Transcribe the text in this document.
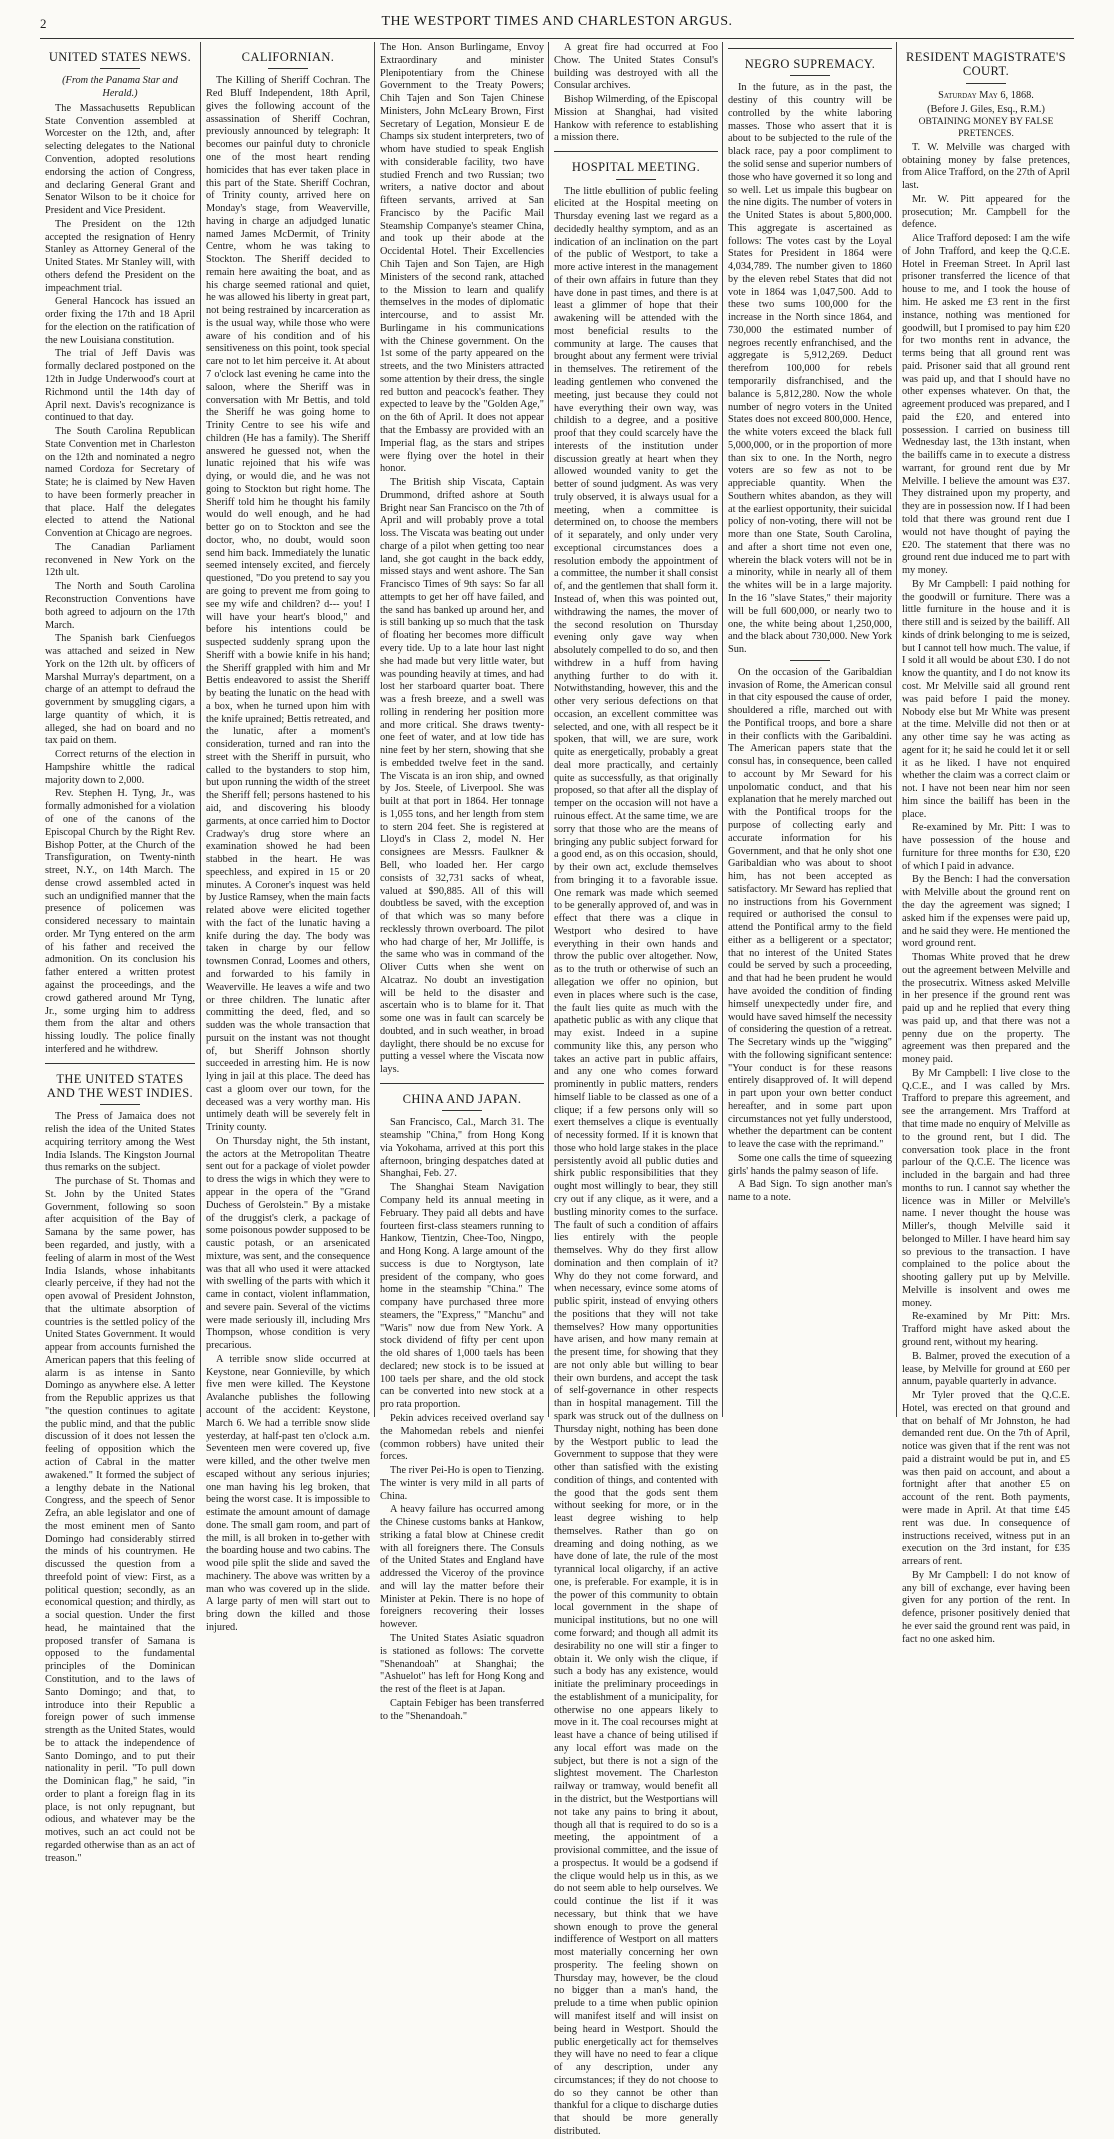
2	THE WESTPORT TIMES AND CHARLESTON ARGUS.
UNITED STATES NEWS.

(From the Panama Star and Herald.)

The Massachusetts Republican State Convention assembled at Worcester on the 12th, and, after selecting delegates to the National Convention, adopted resolutions endorsing the action of Congress, and declaring General Grant and Senator Wilson to be it choice for President and Vice President.

The President on the 12th accepted the resignation of Henry Stanley as Attorney General of the United States. Mr Stanley will, with others defend the President on the impeachment trial.

General Hancock has issued an order fixing the 17th and 18 April for the election on the ratification of the new Louisiana constitution.

The trial of Jeff Davis was formally declared postponed on the 12th in Judge Underwood's court at Richmond until the 14th day of April next. Davis's recognizance is continued to that day.

The South Carolina Republican State Convention met in Charleston on the 12th and nominated a negro named Cordoza for Secretary of State; he is claimed by New Haven to have been formerly preacher in that place. Half the delegates elected to attend the National Convention at Chicago are negroes.

The Canadian Parliament reconvened in New York on the 12th ult.

The North and South Carolina Reconstruction Conventions have both agreed to adjourn on the 17th March.

The Spanish bark Cienfuegos was attached and seized in New York on the 12th ult. by officers of Marshal Murray's department, on a charge of an attempt to defraud the government by smuggling cigars, a large quantity of which, it is alleged, she had on board and no tax paid on them.

Correct returns of the election in Hampshire whittle the radical majority down to 2,000.

Rev. Stephen H. Tyng, Jr., was formally admonished for a violation of one of the canons of the Episcopal Church by the Right Rev. Bishop Potter, at the Church of the Transfiguration, on Twenty-ninth street, N.Y., on 14th March. The dense crowd assembled acted in such an undignified manner that the presence of policemen was considered necessary to maintain order. Mr Tyng entered on the arm of his father and received the admonition. On its conclusion his father entered a written protest against the proceedings, and the crowd gathered around Mr Tyng, Jr., some urging him to address them from the altar and others hissing loudly. The police finally interfered and he withdrew.

THE UNITED STATES AND THE WEST INDIES.

The Press of Jamaica does not relish the idea of the United States acquiring territory among the West India Islands. The Kingston Journal thus remarks on the subject.

The purchase of St. Thomas and St. John by the United States Government, following so soon after acquisition of the Bay of Samana by the same power, has been regarded, and justly, with a feeling of alarm in most of the West India Islands, whose inhabitants clearly perceive, if they had not the open avowal of President Johnston, that the ultimate absorption of countries is the settled policy of the United States Government. It would appear from accounts furnished the American papers that this feeling of alarm is as intense in Santo Domingo as anywhere else. A letter from the Republic apprizes us that "the question continues to agitate the public mind, and that the public discussion of it does not lessen the feeling of opposition which the action of Cabral in the matter awakened." It formed the subject of a lengthy debate in the National Congress, and the speech of Senor Zefra, an able legislator and one of the most eminent men of Santo Domingo had considerably stirred the minds of his countrymen. He discussed the question from a threefold point of view: First, as a political question; secondly, as an economical question; and thirdly, as a social question. Under the first head, he maintained that the proposed transfer of Samana is opposed to the fundamental principles of the Dominican Constitution, and to the laws of Santo Domingo; and that, to introduce into their Republic a foreign power of such immense strength as the United States, would be to attack the independence of Santo Domingo, and to put their nationality in peril. "To pull down the Dominican flag," he said, "in order to plant a foreign flag in its place, is not only repugnant, but odious, and whatever may be the motives, such an act could not be regarded otherwise than as an act of treason."

CALIFORNIAN.

The Killing of Sheriff Cochran. The Red Bluff Independent, 18th April, gives the following account of the assassination of Sheriff Cochran, previously announced by telegraph: It becomes our painful duty to chronicle one of the most heart rending homicides that has ever taken place in this part of the State. Sheriff Cochran, of Trinity county, arrived here on Monday's stage, from Weaverville, having in charge an adjudged lunatic named James McDermit, of Trinity Centre, whom he was taking to Stockton. The Sheriff decided to remain here awaiting the boat, and as his charge seemed rational and quiet, he was allowed his liberty in great part, not being restrained by incarceration as is the usual way, while those who were aware of his condition and of his sensitiveness on this point, took special care not to let him perceive it. At about 7 o'clock last evening he came into the saloon, where the Sheriff was in conversation with Mr Bettis, and told the Sheriff he was going home to Trinity Centre to see his wife and children (He has a family). The Sheriff answered he guessed not, when the lunatic rejoined that his wife was dying, or would die, and he was not going to Stockton but right home. The Sheriff told him he thought his family would do well enough, and he had better go on to Stockton and see the doctor, who, no doubt, would soon send him back. Immediately the lunatic seemed intensely excited, and fiercely questioned, "Do you pretend to say you are going to prevent me from going to see my wife and children? d--- you! I will have your heart's blood," and before his intentions could be suspected suddenly sprang upon the Sheriff with a bowie knife in his hand; the Sheriff grappled with him and Mr Bettis endeavored to assist the Sheriff by beating the lunatic on the head with a box, when he turned upon him with the knife uprained; Bettis retreated, and the lunatic, after a moment's consideration, turned and ran into the street with the Sheriff in pursuit, who called to the bystanders to stop him, but upon running the width of the street the Sheriff fell; persons hastened to his aid, and discovering his bloody garments, at once carried him to Doctor Cradway's drug store where an examination showed he had been stabbed in the heart. He was speechless, and expired in 15 or 20 minutes. A Coroner's inquest was held by Justice Ramsey, when the main facts related above were elicited together with the fact of the lunatic having a knife during the day. The body was taken in charge by our fellow townsmen Conrad, Loomes and others, and forwarded to his family in Weaverville. He leaves a wife and two or three children. The lunatic after committing the deed, fled, and so sudden was the whole transaction that pursuit on the instant was not thought of, but Sheriff Johnson shortly succeeded in arresting him. He is now lying in jail at this place. The deed has cast a gloom over our town, for the deceased was a very worthy man. His untimely death will be severely felt in Trinity county.

On Thursday night, the 5th instant, the actors at the Metropolitan Theatre sent out for a package of violet powder to dress the wigs in which they were to appear in the opera of the "Grand Duchess of Gerolstein." By a mistake of the druggist's clerk, a package of some poisonous powder supposed to be caustic potash, or an arsenicated mixture, was sent, and the consequence was that all who used it were attacked with swelling of the parts with which it came in contact, violent inflammation, and severe pain. Several of the victims were made seriously ill, including Mrs Thompson, whose condition is very precarious.

A terrible snow slide occurred at Keystone, near Gonnieville, by which five men were killed. The Keystone Avalanche publishes the following account of the accident: Keystone, March 6. We had a terrible snow slide yesterday, at half-past ten o'clock a.m. Seventeen men were covered up, five were killed, and the other twelve men escaped without any serious injuries; one man having his leg broken, that being the worst case. It is impossible to estimate the amount amount of damage done. The small gam room, and part of the mill, is all broken in to-gether with the boarding house and two cabins. The wood pile split the slide and saved the machinery. The above was written by a man who was covered up in the slide. A large party of men will start out to bring down the killed and those injured.

The Hon. Anson Burlingame, Envoy Extraordinary and minister Plenipotentiary from the Chinese Government to the Treaty Powers; Chih Tajen and Son Tajen Chinese Ministers, John McLeary Brown, First Secretary of Legation, Monsieur E de Champs six student interpreters, two of whom have studied to speak English with considerable facility, two have studied French and two Russian; two writers, a native doctor and about fifteen servants, arrived at San Francisco by the Pacific Mail Steamship Companye's steamer China, and took up their abode at the Occidental Hotel. Their Excellencies Chih Tajen and Son Tajen, are High Ministers of the second rank, attached to the Mission to learn and qualify themselves in the modes of diplomatic intercourse, and to assist Mr. Burlingame in his communications with the Chinese government. On the 1st some of the party appeared on the streets, and the two Ministers attracted some attention by their dress, the single red button and peacock's feather. They expected to leave by the "Golden Age," on the 6th of April. It does not appear that the Embassy are provided with an Imperial flag, as the stars and stripes were flying over the hotel in their honor.

The British ship Viscata, Captain Drummond, drifted ashore at South Bright near San Francisco on the 7th of April and will probably prove a total loss. The Viscata was beating out under charge of a pilot when getting too near land, she got caught in the back eddy, missed stays and went ashore. The San Francisco Times of 9th says: So far all attempts to get her off have failed, and the sand has banked up around her, and is still banking up so much that the task of floating her becomes more difficult every tide. Up to a late hour last night she had made but very little water, but was pounding heavily at times, and had lost her starboard quarter boat. There was a fresh breeze, and a swell was rolling in rendering her position more and more critical. She draws twenty-one feet of water, and at low tide has nine feet by her stern, showing that she is embedded twelve feet in the sand. The Viscata is an iron ship, and owned by Jos. Steele, of Liverpool. She was built at that port in 1864. Her tonnage is 1,055 tons, and her length from stem to stern 204 feet. She is registered at Lloyd's in Class 2, model N. Her consignees are Messrs. Faulkner & Bell, who loaded her. Her cargo consists of 32,731 sacks of wheat, valued at $90,885. All of this will doubtless be saved, with the exception of that which was so many before recklessly thrown overboard. The pilot who had charge of her, Mr Jolliffe, is the same who was in command of the Oliver Cutts when she went on Alcatraz. No doubt an investigation will be held to the disaster and ascertain who is to blame for it. That some one was in fault can scarcely be doubted, and in such weather, in broad daylight, there should be no excuse for putting a vessel where the Viscata now lays.

CHINA AND JAPAN.

San Francisco, Cal., March 31. The steamship "China," from Hong Kong via Yokohama, arrived at this port this afternoon, bringing despatches dated at Shanghai, Feb. 27.

The Shanghai Steam Navigation Company held its annual meeting in February. They paid all debts and have fourteen first-class steamers running to Hankow, Tientzin, Chee-Too, Ningpo, and Hong Kong. A large amount of the success is due to Norgtyson, late president of the company, who goes home in the steamship "China." The company have purchased three more steamers, the "Express," "Manchu" and "Waris" now due from New York. A stock dividend of fifty per cent upon the old shares of 1,000 taels has been declared; new stock is to be issued at 100 taels per share, and the old stock can be converted into new stock at a pro rata proportion.

Pekin advices received overland say the Mahomedan rebels and nienfei (common robbers) have united their forces.

The river Pei-Ho is open to Tienzing. The winter is very mild in all parts of China.

A heavy failure has occurred among the Chinese customs banks at Hankow, striking a fatal blow at Chinese credit with all foreigners there. The Consuls of the United States and England have addressed the Viceroy of the province and will lay the matter before their Minister at Pekin. There is no hope of foreigners recovering their losses however.

The United States Asiatic squadron is stationed as follows: The corvette "Shenandoah" at Shanghai; the "Ashuelot" has left for Hong Kong and the rest of the fleet is at Japan.

Captain Febiger has been transferred to the "Shenandoah."

A great fire had occurred at Foo Chow. The United States Consul's building was destroyed with all the Consular archives.

Bishop Wilmerding, of the Episcopal Mission at Shanghai, had visited Hankow with reference to establishing a mission there.

HOSPITAL MEETING.

The little ebullition of public feeling elicited at the Hospital meeting on Thursday evening last we regard as a decidedly healthy symptom, and as an indication of an inclination on the part of the public of Westport, to take a more active interest in the management of their own affairs in future than they have done in past times, and there is at least a glimmer of hope that their awakening will be attended with the most beneficial results to the community at large. The causes that brought about any ferment were trivial in themselves. The retirement of the leading gentlemen who convened the meeting, just because they could not have everything their own way, was childish to a degree, and a positive proof that they could scarcely have the interests of the institution under discussion greatly at heart when they allowed wounded vanity to get the better of sound judgment. As was very truly observed, it is always usual for a meeting, when a committee is determined on, to choose the members of it separately, and only under very exceptional circumstances does a resolution embody the appointment of a committee, the number it shall consist of, and the gentlemen that shall form it. Instead of, when this was pointed out, withdrawing the names, the mover of the second resolution on Thursday evening only gave way when absolutely compelled to do so, and then withdrew in a huff from having anything further to do with it. Notwithstanding, however, this and the other very serious defections on that occasion, an excellent committee was selected, and one, with all respect be it spoken, that will, we are sure, work quite as energetically, probably a great deal more practically, and certainly quite as successfully, as that originally proposed, so that after all the display of temper on the occasion will not have a ruinous effect. At the same time, we are sorry that those who are the means of bringing any public subject forward for a good end, as on this occasion, should, by their own act, exclude themselves from bringing it to a favorable issue. One remark was made which seemed to be generally approved of, and was in effect that there was a clique in Westport who desired to have everything in their own hands and throw the public over altogether. Now, as to the truth or otherwise of such an allegation we offer no opinion, but even in places where such is the case, the fault lies quite as much with the apathetic public as with any clique that may exist. Indeed in a supine community like this, any person who takes an active part in public affairs, and any one who comes forward prominently in public matters, renders himself liable to be classed as one of a clique; if a few persons only will so exert themselves a clique is eventually of necessity formed. If it is known that those who hold large stakes in the place persistently avoid all public duties and shirk public responsibilities that they ought most willingly to bear, they still cry out if any clique, as it were, and a bustling minority comes to the surface. The fault of such a condition of affairs lies entirely with the people themselves. Why do they first allow domination and then complain of it? Why do they not come forward, and when necessary, evince some atoms of public spirit, instead of envying others the positions that they will not take themselves? How many opportunities have arisen, and how many remain at the present time, for showing that they are not only able but willing to bear their own burdens, and accept the task of self-governance in other respects than in hospital management. Till the spark was struck out of the dullness on Thursday night, nothing has been done by the Westport public to lead the Government to suppose that they were other than satisfied with the existing condition of things, and contented with the good that the gods sent them without seeking for more, or in the least degree wishing to help themselves. Rather than go on dreaming and doing nothing, as we have done of late, the rule of the most tyrannical local oligarchy, if an active one, is preferable. For example, it is in the power of this community to obtain local government in the shape of municipal institutions, but no one will come forward; and though all admit its desirability no one will stir a finger to obtain it. We only wish the clique, if such a body has any existence, would initiate the preliminary proceedings in the establishment of a municipality, for otherwise no one appears likely to move in it. The coal recourses might at least have a chance of being utilised if any local effort was made on the subject, but there is not a sign of the slightest movement. The Charleston railway or tramway, would benefit all in the district, but the Westportians will not take any pains to bring it about, though all that is required to do so is a meeting, the appointment of a provisional committee, and the issue of a prospectus. It would be a godsend if the clique would help us in this, as we do not seem able to help ourselves. We could continue the list if it was necessary, but think that we have shown enough to prove the general indifference of Westport on all matters most materially concerning her own prosperity. The feeling shown on Thursday may, however, be the cloud no bigger than a man's hand, the prelude to a time when public opinion will manifest itself and will insist on being heard in Westport. Should the public energetically act for themselves they will have no need to fear a clique of any description, under any circumstances; if they do not choose to do so they cannot be other than thankful for a clique to discharge duties that should be more generally distributed.

NEGRO SUPREMACY.

In the future, as in the past, the destiny of this country will be controlled by the white laboring masses. Those who assert that it is about to be subjected to the rule of the black race, pay a poor compliment to the solid sense and superior numbers of those who have governed it so long and so well. Let us impale this bugbear on the nine digits. The number of voters in the United States is about 5,800,000. This aggregate is ascertained as follows: The votes cast by the Loyal States for President in 1864 were 4,034,789. The number given to 1860 by the eleven rebel States that did not vote in 1864 was 1,047,500. Add to these two sums 100,000 for the increase in the North since 1864, and 730,000 the estimated number of negroes recently enfranchised, and the aggregate is 5,912,269. Deduct therefrom 100,000 for rebels temporarily disfranchised, and the balance is 5,812,280. Now the whole number of negro voters in the United States does not exceed 800,000. Hence, the white voters exceed the black full 5,000,000, or in the proportion of more than six to one. In the North, negro voters are so few as not to be appreciable quantity. When the Southern whites abandon, as they will at the earliest opportunity, their suicidal policy of non-voting, there will not be more than one State, South Carolina, and after a short time not even one, wherein the black voters will not be in a minority, while in nearly all of them the whites will be in a large majority. In the 16 "slave States," their majority will be full 600,000, or nearly two to one, the white being about 1,250,000, and the black about 730,000. New York Sun.

On the occasion of the Garibaldian invasion of Rome, the American consul in that city espoused the cause of order, shouldered a rifle, marched out with the Pontifical troops, and bore a share in their conflicts with the Garibaldini. The American papers state that the consul has, in consequence, been called to account by Mr Seward for his unpolomatic conduct, and that his explanation that he merely marched out with the Pontifical troops for the purpose of collecting early and accurate information for his Government, and that he only shot one Garibaldian who was about to shoot him, has not been accepted as satisfactory. Mr Seward has replied that no instructions from his Government required or authorised the consul to attend the Pontifical army to the field either as a belligerent or a spectator; that no interest of the United States could be served by such a proceeding, and that had he been prudent he would have avoided the condition of finding himself unexpectedly under fire, and would have saved himself the necessity of considering the question of a retreat. The Secretary winds up the "wigging" with the following significant sentence: "Your conduct is for these reasons entirely disapproved of. It will depend in part upon your own better conduct hereafter, and in some part upon circumstances not yet fully understood, whether the department can be content to leave the case with the reprimand."

Some one calls the time of squeezing girls' hands the palmy season of life.

A Bad Sign. To sign another man's name to a note.

RESIDENT MAGISTRATE'S COURT.

Saturday May 6, 1868.

(Before J. Giles, Esq., R.M.)

OBTAINING MONEY BY FALSE PRETENCES.

T. W. Melville was charged with obtaining money by false pretences, from Alice Trafford, on the 27th of April last.

Mr. W. Pitt appeared for the prosecution; Mr. Campbell for the defence.

Alice Trafford deposed: I am the wife of John Trafford, and keep the Q.C.E. Hotel in Freeman Street. In April last prisoner transferred the licence of that house to me, and I took the house of him. He asked me £3 rent in the first instance, nothing was mentioned for goodwill, but I promised to pay him £20 for two months rent in advance, the terms being that all ground rent was paid. Prisoner said that all ground rent was paid up, and that I should have no other expenses whatever. On that, the agreement produced was prepared, and I paid the £20, and entered into possession. I carried on business till Wednesday last, the 13th instant, when the bailiffs came in to execute a distress warrant, for ground rent due by Mr Melville. I believe the amount was £37. They distrained upon my property, and they are in possession now. If I had been told that there was ground rent due I would not have thought of paying the £20. The statement that there was no ground rent due induced me to part with my money.

By Mr Campbell: I paid nothing for the goodwill or furniture. There was a little furniture in the house and it is there still and is seized by the bailiff. All kinds of drink belonging to me is seized, but I cannot tell how much. The value, if I sold it all would be about £30. I do not know the quantity, and I do not know its cost. Mr Melville said all ground rent was paid before I paid the money. Nobody else but Mr White was present at the time. Melville did not then or at any other time say he was acting as agent for it; he said he could let it or sell it as he liked. I have not enquired whether the claim was a correct claim or not. I have not been near him nor seen him since the bailiff has been in the place.

Re-examined by Mr. Pitt: I was to have possession of the house and furniture for three months for £30, £20 of which I paid in advance.

By the Bench: I had the conversation with Melville about the ground rent on the day the agreement was signed; I asked him if the expenses were paid up, and he said they were. He mentioned the word ground rent.

Thomas White proved that he drew out the agreement between Melville and the prosecutrix. Witness asked Melville in her presence if the ground rent was paid up and he replied that every thing was paid up, and that there was not a penny due on the property. The agreement was then prepared and the money paid.

By Mr Campbell: I live close to the Q.C.E., and I was called by Mrs. Trafford to prepare this agreement, and see the arrangement. Mrs Trafford at that time made no enquiry of Melville as to the ground rent, but I did. The conversation took place in the front parlour of the Q.C.E. The licence was included in the bargain and had three months to run. I cannot say whether the licence was in Miller or Melville's name. I never thought the house was Miller's, though Melville said it belonged to Miller. I have heard him say so previous to the transaction. I have complained to the police about the shooting gallery put up by Melville. Melville is insolvent and owes me money.

Re-examined by Mr Pitt: Mrs. Trafford might have asked about the ground rent, without my hearing.

B. Balmer, proved the execution of a lease, by Melville for ground at £60 per annum, payable quarterly in advance.

Mr Tyler proved that the Q.C.E. Hotel, was erected on that ground and that on behalf of Mr Johnston, he had demanded rent due. On the 7th of April, notice was given that if the rent was not paid a distraint would be put in, and £5 was then paid on account, and about a fortnight after that another £5 on account of the rent. Both payments, were made in April. At that time £45 rent was due. In consequence of instructions received, witness put in an execution on the 3rd instant, for £35 arrears of rent.

By Mr Campbell: I do not know of any bill of exchange, ever having been given for any portion of the rent. In defence, prisoner positively denied that he ever said the ground rent was paid, in fact no one asked him.
